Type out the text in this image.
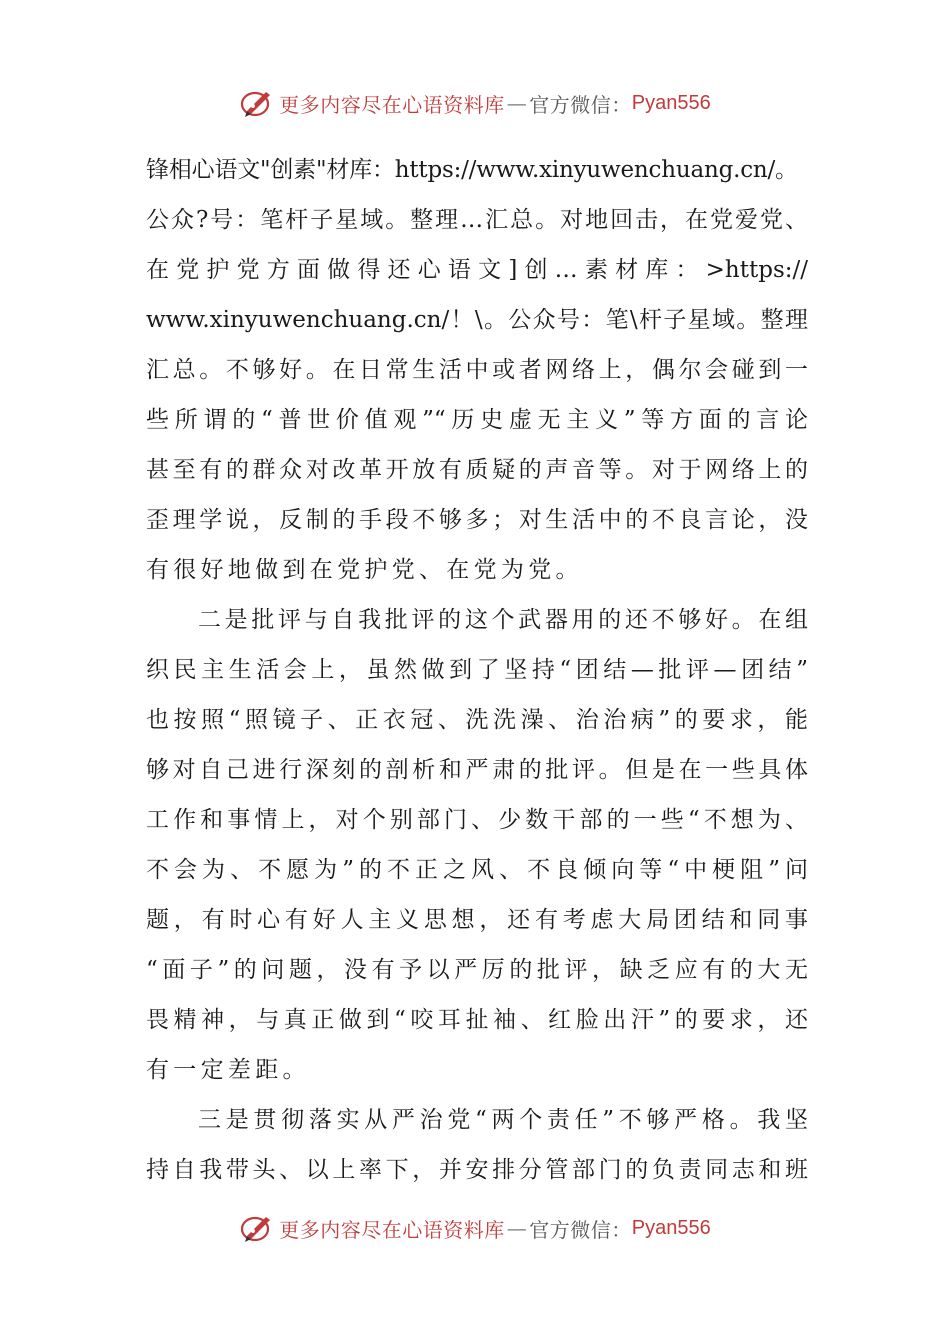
更多内容尽在心语资料库 — 官方微信： Pyan556
锋相心语文"创素"材库：https://www.xinyuwenchuang.cn/。
公众?号：笔杆子星域。整理…汇总。对地回击，在党爱党、
在党护党方面做得还心语文]创…素材库：>https://
www.xinyuwenchuang.cn/！\。公众号：笔\杆子星域。整理
汇总。不够好。在日常生活中或者网络上，偶尔会碰到一
些所谓的“普世价值观”“历史虚无主义”等方面的言论
甚至有的群众对改革开放有质疑的声音等。对于网络上的
歪理学说，反制的手段不够多；对生活中的不良言论，没
有很好地做到在党护党、在党为党。
二是批评与自我批评的这个武器用的还不够好。在组
织民主生活会上，虽然做到了坚持“团结—批评—团结”
也按照“照镜子、正衣冠、洗洗澡、治治病”的要求，能
够对自己进行深刻的剖析和严肃的批评。但是在一些具体
工作和事情上，对个别部门、少数干部的一些“不想为、
不会为、不愿为”的不正之风、不良倾向等“中梗阻”问
题，有时心有好人主义思想，还有考虑大局团结和同事
“面子”的问题，没有予以严厉的批评，缺乏应有的大无
畏精神，与真正做到“咬耳扯袖、红脸出汗”的要求，还
有一定差距。
三是贯彻落实从严治党“两个责任”不够严格。我坚
持自我带头、以上率下，并安排分管部门的负责同志和班
更多内容尽在心语资料库 — 官方微信： Pyan556
